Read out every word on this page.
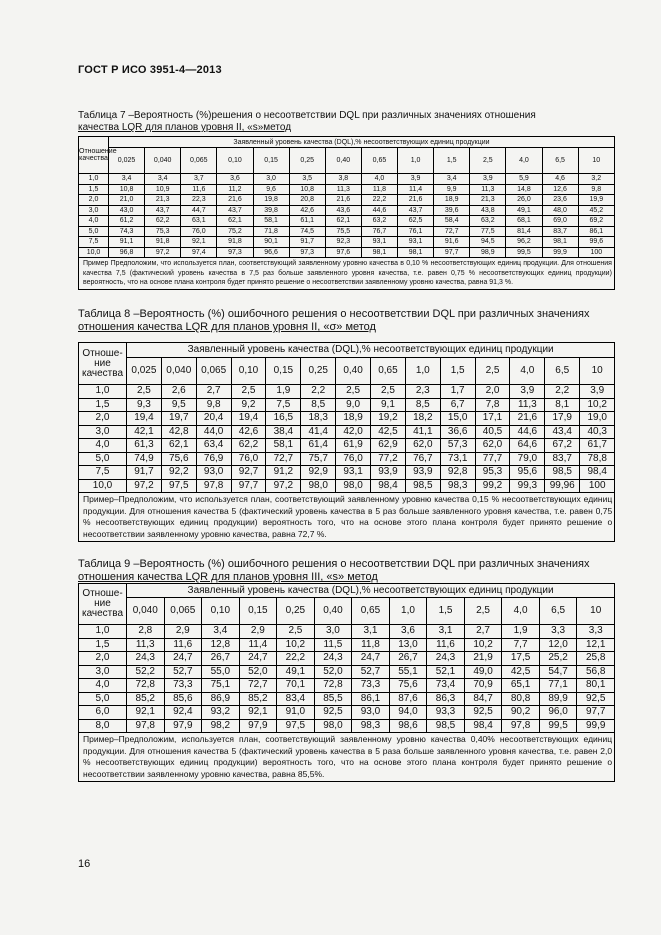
ГОСТ Р ИСО 3951-4—2013
Таблица 7 –Вероятность (%)решения о несоответствии DQL при различных значениях отношения
качества LQR для планов уровня II, «s»метод
Отношение качества	Заявленный уровень качества (DQL),% несоответствующих единиц продукции													
	0,025	0,040	0,065	0,10	0,15	0,25	0,40	0,65	1,0	1,5	2,5	4,0	6,5	10
1,0	3,4	3,4	3,7	3,6	3,0	3,5	3,8	4,0	3,9	3,4	3,9	5,9	4,6	3,2
1,5	10,8	10,9	11,6	11,2	9,6	10,8	11,3	11,8	11,4	9,9	11,3	14,8	12,6	9,8
2,0	21,0	21,3	22,3	21,6	19,8	20,8	21,6	22,2	21,6	18,9	21,3	26,0	23,6	19,9
3,0	43,0	43,7	44,7	43,7	39,8	42,6	43,6	44,6	43,7	39,6	43,8	49,1	48,0	45,2
4,0	61,2	62,2	63,1	62,1	58,1	61,1	62,1	63,2	62,5	58,4	63,2	68,1	69,0	69,2
5,0	74,3	75,3	76,0	75,2	71,8	74,5	75,5	76,7	76,1	72,7	77,5	81,4	83,7	86,1
7,5	91,1	91,8	92,1	91,8	90,1	91,7	92,3	93,1	93,1	91,6	94,5	96,2	98,1	99,6
10,0	96,8	97,2	97,4	97,3	96,6	97,3	97,6	98,1	98,1	97,7	98,9	99,5	99,9	100
Пример Предположим, что используется план, соответствующий заявленному уровню качества в 0,10 % несоответствующих единиц продукции. Для отношения качества 7,5 (фактический уровень качества в 7,5 раз больше заявленного уровня качества, т.е. равен 0,75 % несоответствующих единиц продукции) вероятность, что на основе плана контроля будет принято решение о несоответствии заявленному уровню качества, равна 91,3 %.														
Таблица 8 –Вероятность (%) ошибочного решения о несоответствии DQL при различных значениях
отношения качества LQR для планов уровня II, «σ» метод
Отноше-ние качества	Заявленный уровень качества (DQL),% несоответствующих единиц продукции													
	0,025	0,040	0,065	0,10	0,15	0,25	0,40	0,65	1,0	1,5	2,5	4,0	6,5	10
1,0	2,5	2,6	2,7	2,5	1,9	2,2	2,5	2,5	2,3	1,7	2,0	3,9	2,2	3,9
1,5	9,3	9,5	9,8	9,2	7,5	8,5	9,0	9,1	8,5	6,7	7,8	11,3	8,1	10,2
2,0	19,4	19,7	20,4	19,4	16,5	18,3	18,9	19,2	18,2	15,0	17,1	21,6	17,9	19,0
3,0	42,1	42,8	44,0	42,6	38,4	41,4	42,0	42,5	41,1	36,6	40,5	44,6	43,4	40,3
4,0	61,3	62,1	63,4	62,2	58,1	61,4	61,9	62,9	62,0	57,3	62,0	64,6	67,2	61,7
5,0	74,9	75,6	76,9	76,0	72,7	75,7	76,0	77,2	76,7	73,1	77,7	79,0	83,7	78,8
7,5	91,7	92,2	93,0	92,7	91,2	92,9	93,1	93,9	93,9	92,8	95,3	95,6	98,5	98,4
10,0	97,2	97,5	97,8	97,7	97,2	98,0	98,0	98,4	98,5	98,3	99,2	99,3	99,96	100
Пример–Предположим, что используется план, соответствующий заявленному уровню качества 0,15 % несоответствующих единиц продукции. Для отношения качества 5 (фактический уровень качества в 5 раз больше заявленного уровня качества, т.е. равен 0,75 % несоответствующих единиц продукции) вероятность того, что на основе этого плана контроля будет принято решение о несоответствии заявленному уровню качества, равна 72,7 %.														
Таблица 9 –Вероятность (%) ошибочного решения о несоответствии DQL при различных значениях
отношения качества LQR для планов уровня III, «s» метод
Отноше-ние качества	Заявленный уровень качества (DQL),% несоответствующих единиц продукции												
	0,040	0,065	0,10	0,15	0,25	0,40	0,65	1,0	1,5	2,5	4,0	6,5	10
1,0	2,8	2,9	3,4	2,9	2,5	3,0	3,1	3,6	3,1	2,7	1,9	3,3	3,3
1,5	11,3	11,6	12,8	11,4	10,2	11,5	11,8	13,0	11,6	10,2	7,7	12,0	12,1
2,0	24,3	24,7	26,7	24,7	22,2	24,3	24,7	26,7	24,3	21,9	17,5	25,2	25,8
3,0	52,2	52,7	55,0	52,0	49,1	52,0	52,7	55,1	52,1	49,0	42,5	54,7	56,8
4,0	72,8	73,3	75,1	72,7	70,1	72,8	73,3	75,6	73,4	70,9	65,1	77,1	80,1
5,0	85,2	85,6	86,9	85,2	83,4	85,5	86,1	87,6	86,3	84,7	80,8	89,9	92,5
6,0	92,1	92,4	93,2	92,1	91,0	92,5	93,0	94,0	93,3	92,5	90,2	96,0	97,7
8,0	97,8	97,9	98,2	97,9	97,5	98,0	98,3	98,6	98,5	98,4	97,8	99,5	99,9
Пример–Предположим, используется план, соответствующий заявленному уровню качества 0,40% несоответствующих единиц продукции. Для отношения качества 5 (фактический уровень качества в 5 раза больше заявленного уровня качества, т.е. равен 2,0 % несоответствующих единиц продукции) вероятность того, что на основе этого плана контроля будет принято решение о несоответствии заявленному уровню качества, равна 85,5%.													
16
